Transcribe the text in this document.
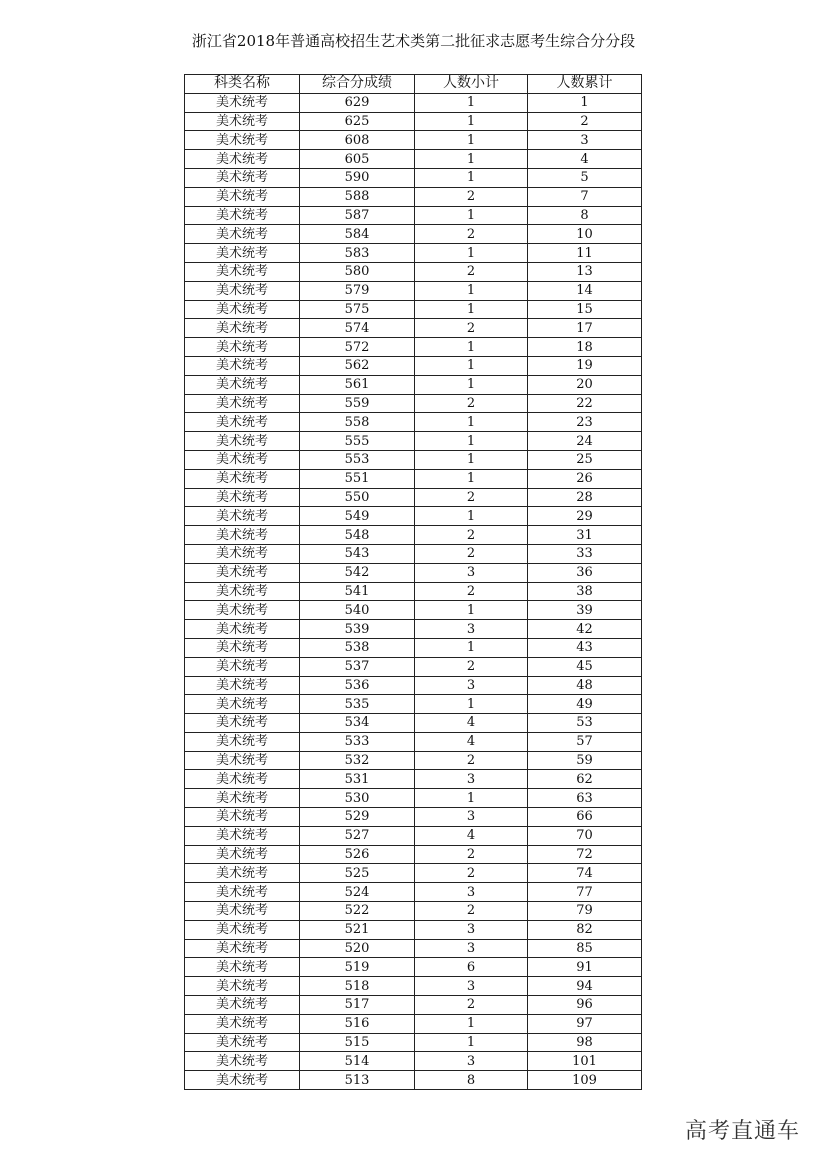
浙江省2018年普通高校招生艺术类第二批征求志愿考生综合分分段
科类名称	综合分成绩	人数小计	人数累计
美术统考	629	1	1
美术统考	625	1	2
美术统考	608	1	3
美术统考	605	1	4
美术统考	590	1	5
美术统考	588	2	7
美术统考	587	1	8
美术统考	584	2	10
美术统考	583	1	11
美术统考	580	2	13
美术统考	579	1	14
美术统考	575	1	15
美术统考	574	2	17
美术统考	572	1	18
美术统考	562	1	19
美术统考	561	1	20
美术统考	559	2	22
美术统考	558	1	23
美术统考	555	1	24
美术统考	553	1	25
美术统考	551	1	26
美术统考	550	2	28
美术统考	549	1	29
美术统考	548	2	31
美术统考	543	2	33
美术统考	542	3	36
美术统考	541	2	38
美术统考	540	1	39
美术统考	539	3	42
美术统考	538	1	43
美术统考	537	2	45
美术统考	536	3	48
美术统考	535	1	49
美术统考	534	4	53
美术统考	533	4	57
美术统考	532	2	59
美术统考	531	3	62
美术统考	530	1	63
美术统考	529	3	66
美术统考	527	4	70
美术统考	526	2	72
美术统考	525	2	74
美术统考	524	3	77
美术统考	522	2	79
美术统考	521	3	82
美术统考	520	3	85
美术统考	519	6	91
美术统考	518	3	94
美术统考	517	2	96
美术统考	516	1	97
美术统考	515	1	98
美术统考	514	3	101
美术统考	513	8	109
高考直通车
